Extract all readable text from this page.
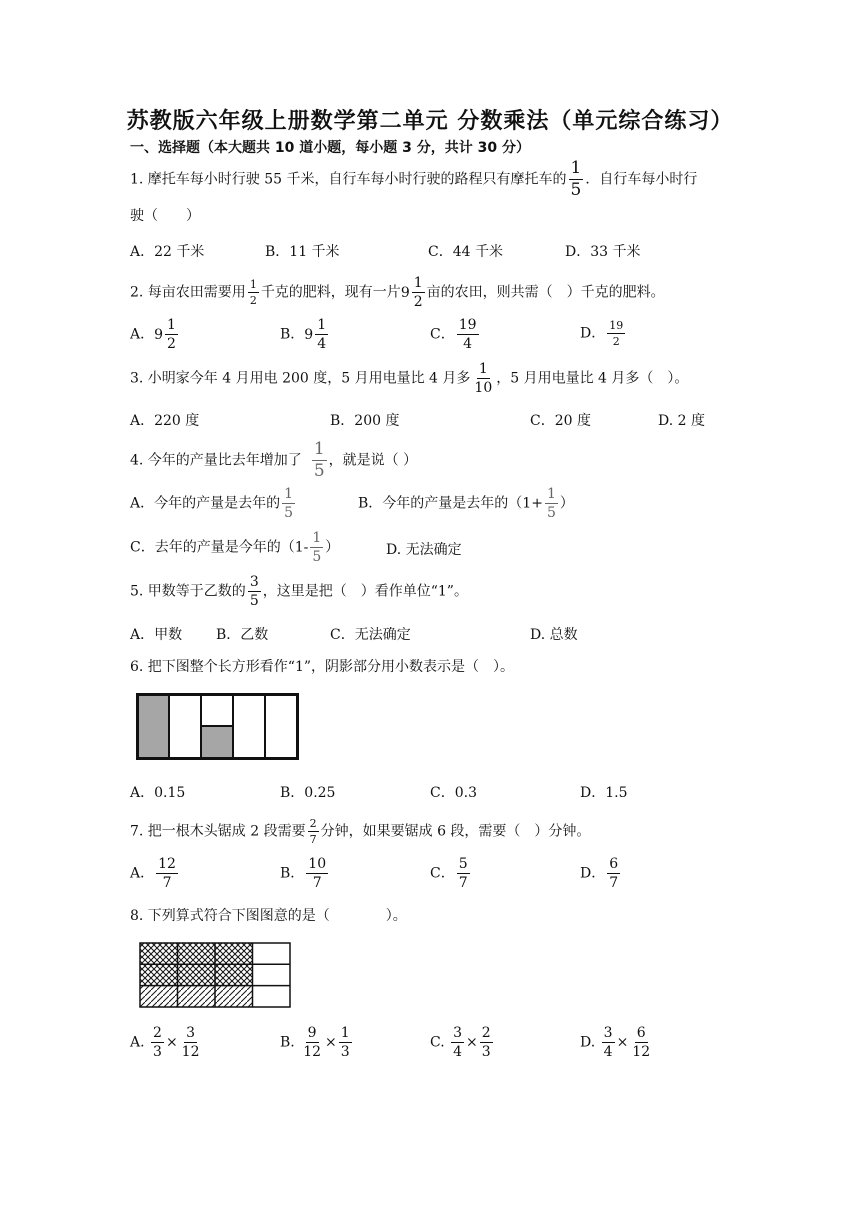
苏教版六年级上册数学第二单元 分数乘法（单元综合练习）
一、选择题（本大题共 10 道小题，每小题 3 分，共计 30 分）
1. 摩托车每小时行驶 55 千米，自行车每小时行驶的路程只有摩托车的 $\frac{1}{5}$ ．自行车每小时行
驶（　　）
A．22 千米	B．11 千米	C．44 千米	D．33 千米
2. 每亩农田需要用 $\frac{1}{2}$ 千克的肥料，现有一片 $9 \frac{1}{2}$ 亩的农田，则共需（　）千克的肥料。
A． $9 \frac{1}{2}$	B． $9 \frac{1}{4}$	C． $\frac{19}{4}$	D． $\frac{19}{2}$
3. 小明家今年 4 月用电 200 度，5 月用电量比 4 月多 $\frac{1}{10}$ ，5 月用电量比 4 月多（　）。
A．220 度	B．200 度	C．20 度	D. 2 度
4. 今年的产量比去年增加了 $\frac{1}{5}$ ，就是说（ ）
A．今年的产量是去年的 $\frac{1}{5}$	B．今年的产量是去年的（$1+ \frac{1}{5}$ ）
C．去年的产量是今年的（$1- \frac{1}{5}$ ）	D. 无法确定
5. 甲数等于乙数的 $\frac{3}{5}$ ，这里是把（　）看作单位“1”。
A．甲数 B．乙数	C．无法确定	D. 总数
6. 把下图整个长方形看作“1”，阴影部分用小数表示是（　）。
A．0.15	B．0.25	C．0.3	D．1.5
7. 把一根木头锯成 2 段需要 $\frac{2}{7}$ 分钟，如果要锯成 6 段，需要（　）分钟。
A． $\frac{12}{7}$	B． $\frac{10}{7}$	C． $\frac{5}{7}$	D． $\frac{6}{7}$
8. 下列算式符合下图图意的是（　　　　）。
A. $\frac{2}{3} \times \frac{3}{12}$	B. $\frac{9}{12} \times \frac{1}{3}$	C. $\frac{3}{4} \times \frac{2}{3}$	D. $\frac{3}{4} \times \frac{6}{12}$
